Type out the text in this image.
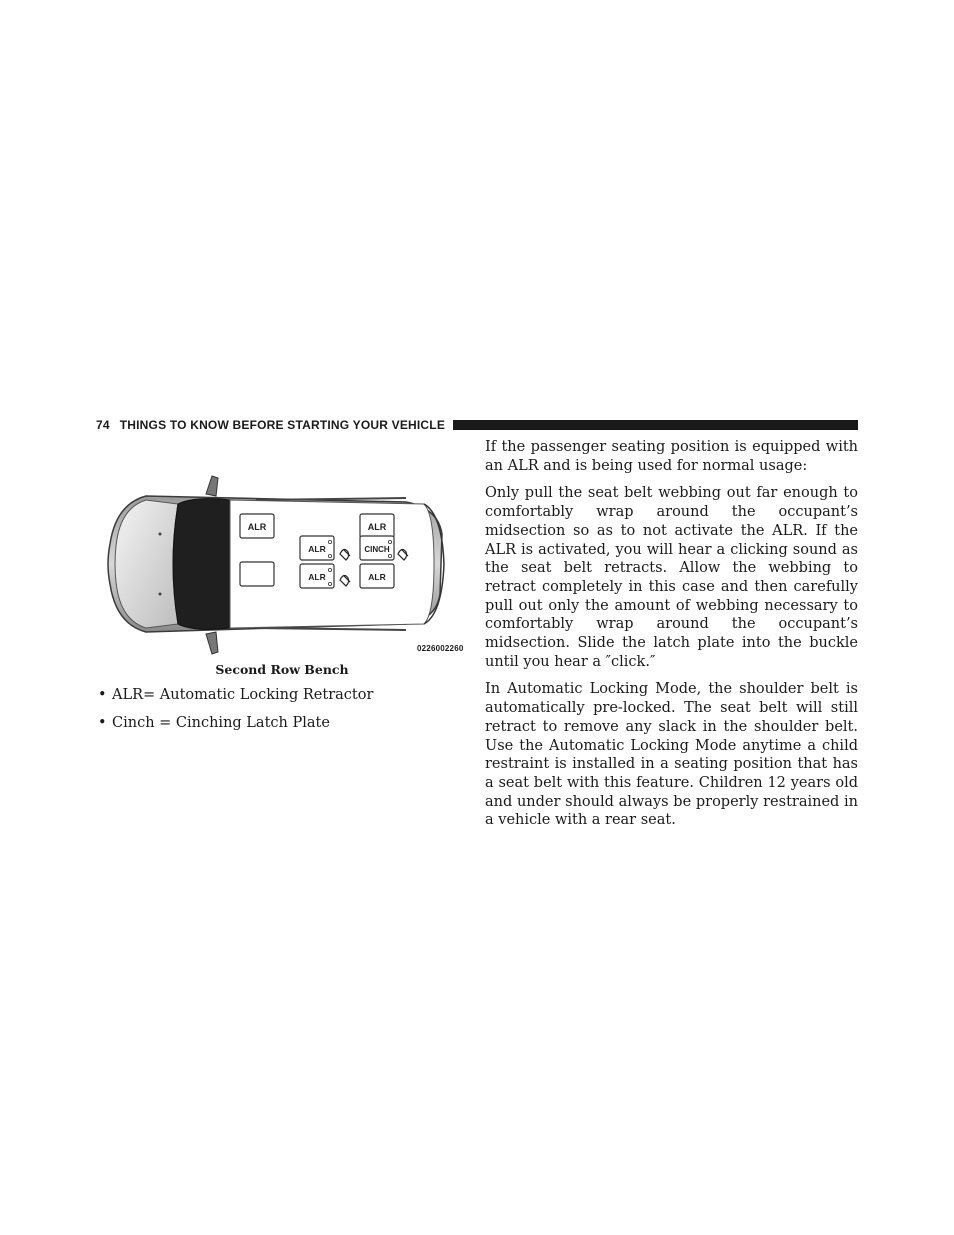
74 THINGS TO KNOW BEFORE STARTING YOUR VEHICLE
ALR
ALR
ALR
ALR
CINCH
ALR
0226002260
Second Row Bench
• ALR= Automatic Locking Retractor
• Cinch = Cinching Latch Plate

If the passenger seating position is equipped with an ALR and is being used for normal usage:

Only pull the seat belt webbing out far enough to comfortably wrap around the occupant’s midsection so as to not activate the ALR. If the ALR is activated, you will hear a clicking sound as the seat belt retracts. Allow the webbing to retract completely in this case and then carefully pull out only the amount of webbing necessary to comfortably wrap around the occupant’s midsection. Slide the latch plate into the buckle until you hear a ″click.″

In Automatic Locking Mode, the shoulder belt is automatically pre-locked. The seat belt will still retract to remove any slack in the shoulder belt. Use the Automatic Locking Mode anytime a child restraint is installed in a seating position that has a seat belt with this feature. Children 12 years old and under should always be properly restrained in a vehicle with a rear seat.
